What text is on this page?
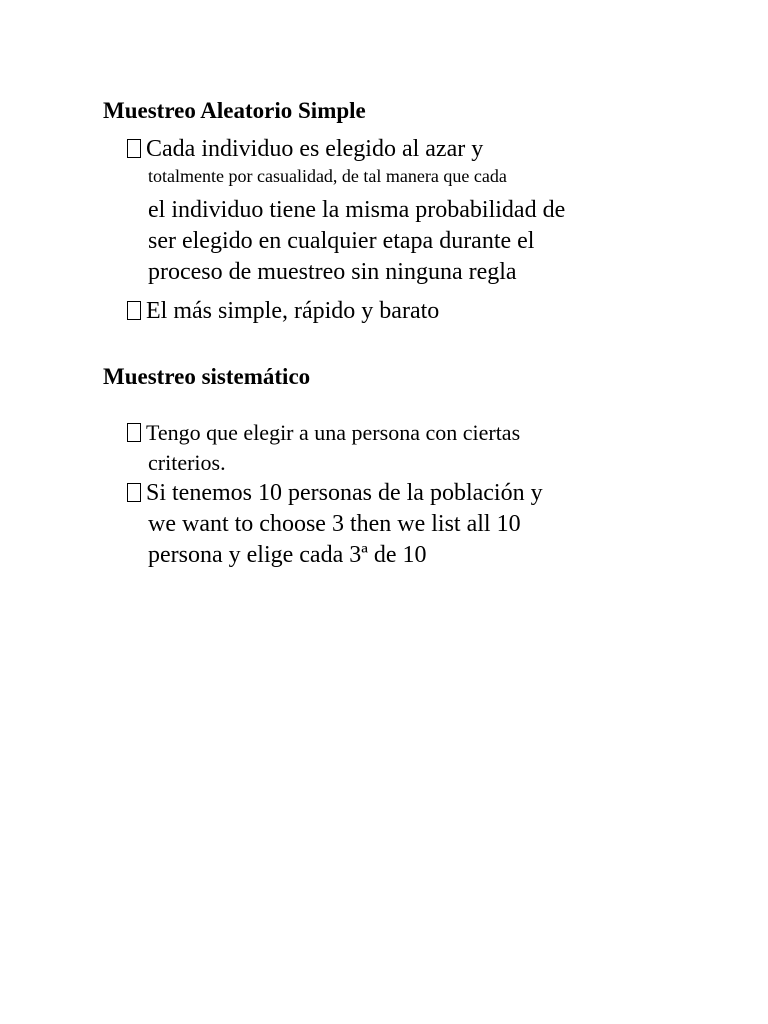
Muestreo Aleatorio Simple

Cada individuo es elegido al azar y

totalmente por casualidad, de tal manera que cada

el individuo tiene la misma probabilidad de

ser elegido en cualquier etapa durante el

proceso de muestreo sin ninguna regla

El más simple, rápido y barato

Muestreo sistemático

Tengo que elegir a una persona con ciertas

criterios.

Si tenemos 10 personas de la población y

we want to choose 3 then we list all 10

persona y elige cada 3ª de 10
